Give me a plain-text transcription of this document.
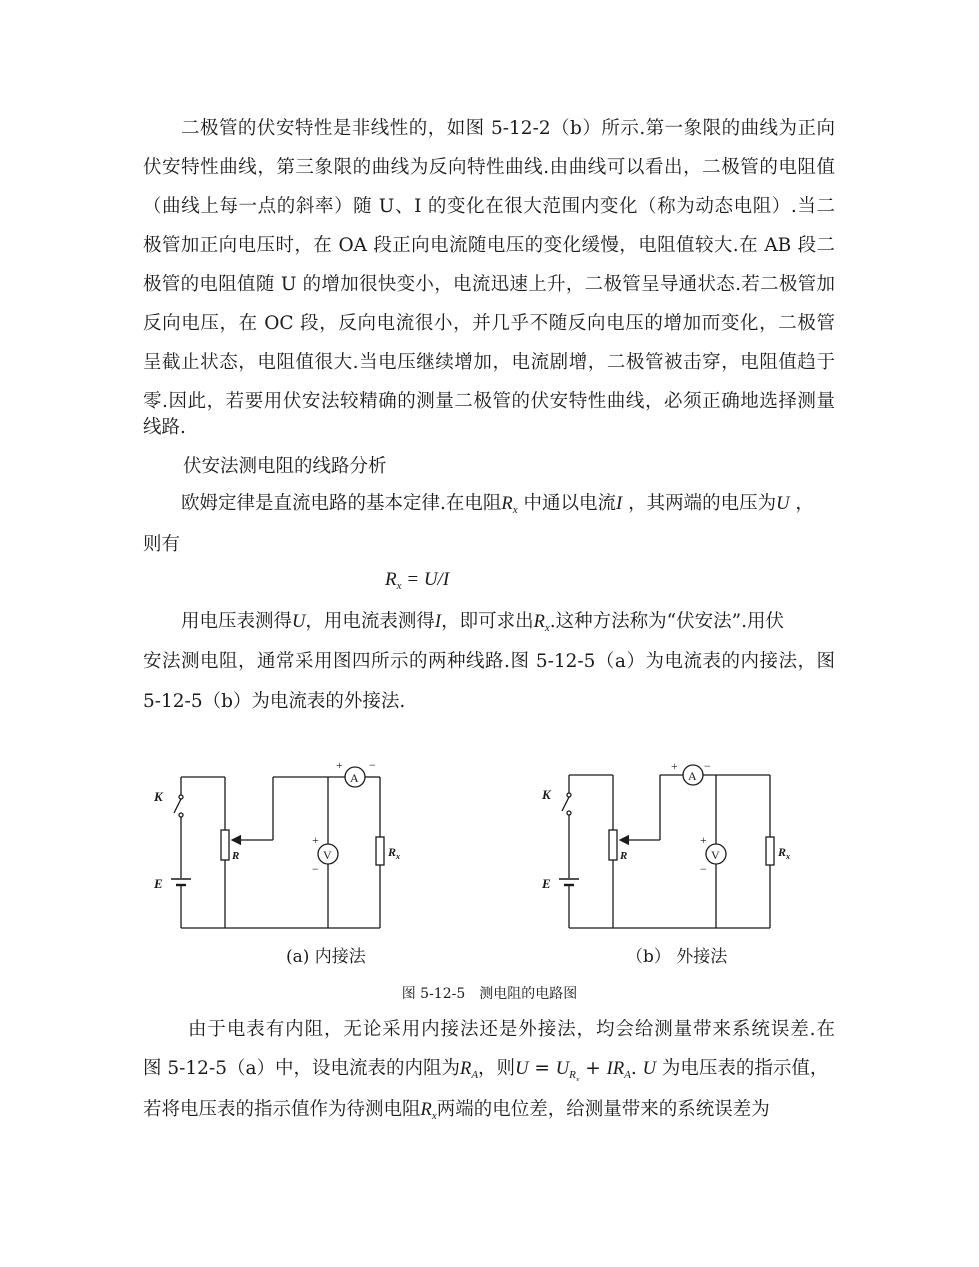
二极管的伏安特性是非线性的，如图 5-12-2（b）所示.第一象限的曲线为正向
伏安特性曲线，第三象限的曲线为反向特性曲线.由曲线可以看出，二极管的电阻值
（曲线上每一点的斜率）随 U、I 的变化在很大范围内变化（称为动态电阻）.当二
极管加正向电压时，在 OA 段正向电流随电压的变化缓慢，电阻值较大.在 AB 段二
极管的电阻值随 U 的增加很快变小，电流迅速上升，二极管呈导通状态.若二极管加
反向电压，在 OC 段，反向电流很小，并几乎不随反向电压的增加而变化，二极管
呈截止状态，电阻值很大.当电压继续增加，电流剧增，二极管被击穿，电阻值趋于
零.因此，若要用伏安法较精确的测量二极管的伏安特性曲线，必须正确地选择测量
线路.
伏安法测电阻的线路分析
欧姆定律是直流电路的基本定律.在电阻$R_x$ 中通以电流I ，其两端的电压为U ，
则有
$R_x = U/I$
用电压表测得U，用电流表测得I，即可求出$R_x$.这种方法称为“伏安法”.用伏
安法测电阻，通常采用图四所示的两种线路.图 5-12-5（a）为电流表的内接法，图
5-12-5（b）为电流表的外接法.
K
E
R
A
V
+ −
+
−
$R_x$
K
E
R
A
V
+ −
+
−
$R_x$
(a) 内接法	（b） 外接法
图 5-12-5　测电阻的电路图
由于电表有内阻，无论采用内接法还是外接法，均会给测量带来系统误差.在
图 5-12-5（a）中，设电流表的内阻为$R_A$，则$U = U_{R_x} + IR_A$. U 为电压表的指示值，
若将电压表的指示值作为待测电阻$R_x$两端的电位差，给测量带来的系统误差为
